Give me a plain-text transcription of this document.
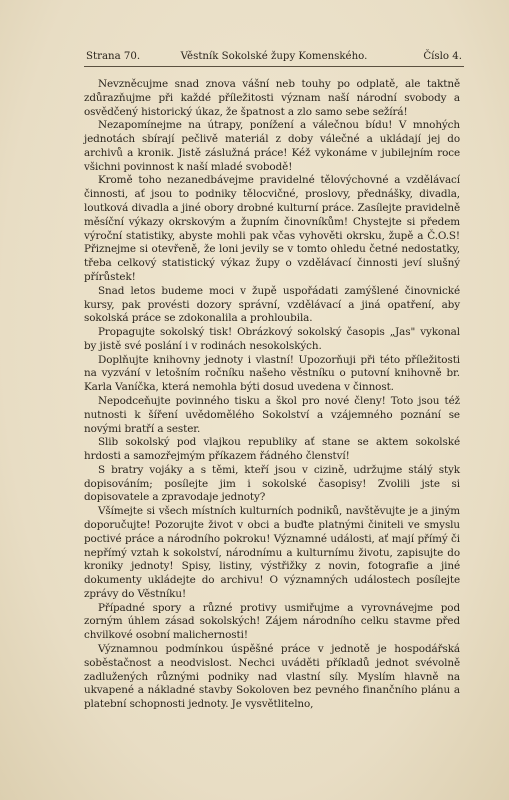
Strana 70.	Věstník Sokolské župy Komenského.	Číslo 4.

Nevzněcujme snad znova vášní neb touhy po odplatě, ale taktně zdůrazňujme při každé příležitosti význam naší národní svobody a osvědčený historický úkaz, že špatnost a zlo samo sebe sežírá!

Nezapomínejme na útrapy, ponížení a válečnou bídu! V mnohých jednotách sbírají pečlivě materiál z doby válečné a ukládají jej do archivů a kronik. Jistě záslužná práce! Kéž vykonáme v jubilejním roce všichni povinnost k naší mladé svobodě!

Kromě toho nezanedbávejme pravidelné tělovýchovné a vzdělávací činnosti, ať jsou to podniky tělocvičné, proslovy, přednášky, divadla, loutková divadla a jiné obory drobné kulturní práce. Zasílejte pravidelně měsíční výkazy okrskovým a župním činovníkům! Chystejte si předem výroční statistiky, abyste mohli pak včas vyhověti okrsku, župě a Č.O.S! Přiznejme si otevřeně, že loni jevily se v tomto ohledu četné nedostatky, třeba celkový statistický výkaz župy o vzdělávací činnosti jeví slušný přírůstek!

Snad letos budeme moci v župě uspořádati zamýšlené činovnické kursy, pak provésti dozory správní, vzdělávací a jiná opatření, aby sokolská práce se zdokonalila a prohloubila.

Propagujte sokolský tisk! Obrázkový sokolský časopis „Jas" vykonal by jistě své poslání i v rodinách nesokolských.

Doplňujte knihovny jednoty i vlastní! Upozorňuji při této příležitosti na vyzvání v letošním ročníku našeho věstníku o putovní knihovně br. Karla Vaníčka, která nemohla býti dosud uvedena v činnost.

Nepodceňujte povinného tisku a škol pro nové členy! Toto jsou též nutnosti k šíření uvědomělého Sokolství a vzájemného poznání se novými bratří a sester.

Slib sokolský pod vlajkou republiky ať stane se aktem sokolské hrdosti a samozřejmým příkazem řádného členství!

S bratry vojáky a s těmi, kteří jsou v cizině, udržujme stálý styk dopisováním; posílejte jim i sokolské časopisy! Zvolili jste si dopisovatele a zpravodaje jednoty?

Všímejte si všech místních kulturních podniků, navštěvujte je a jiným doporučujte! Pozorujte život v obci a buďte platnými činiteli ve smyslu poctivé práce a národního pokroku! Významné události, ať mají přímý či nepřímý vztah k sokolství, národnímu a kulturnímu životu, zapisujte do kroniky jednoty! Spisy, listiny, výstřižky z novin, fotografie a jiné dokumenty ukládejte do archivu! O významných událostech posílejte zprávy do Věstníku!

Případné spory a různé protivy usmiřujme a vyrovnávejme pod zorným úhlem zásad sokolských! Zájem národního celku stavme před chvilkové osobní malichernosti!

Významnou podmínkou úspěšné práce v jednotě je hospodářská soběstačnost a neodvislost. Nechci uváděti příkladů jednot svévolně zadlužených různými podniky nad vlastní síly. Myslím hlavně na ukvapené a nákladné stavby Sokoloven bez pevného finančního plánu a platební schopnosti jednoty. Je vysvětlitelno,
